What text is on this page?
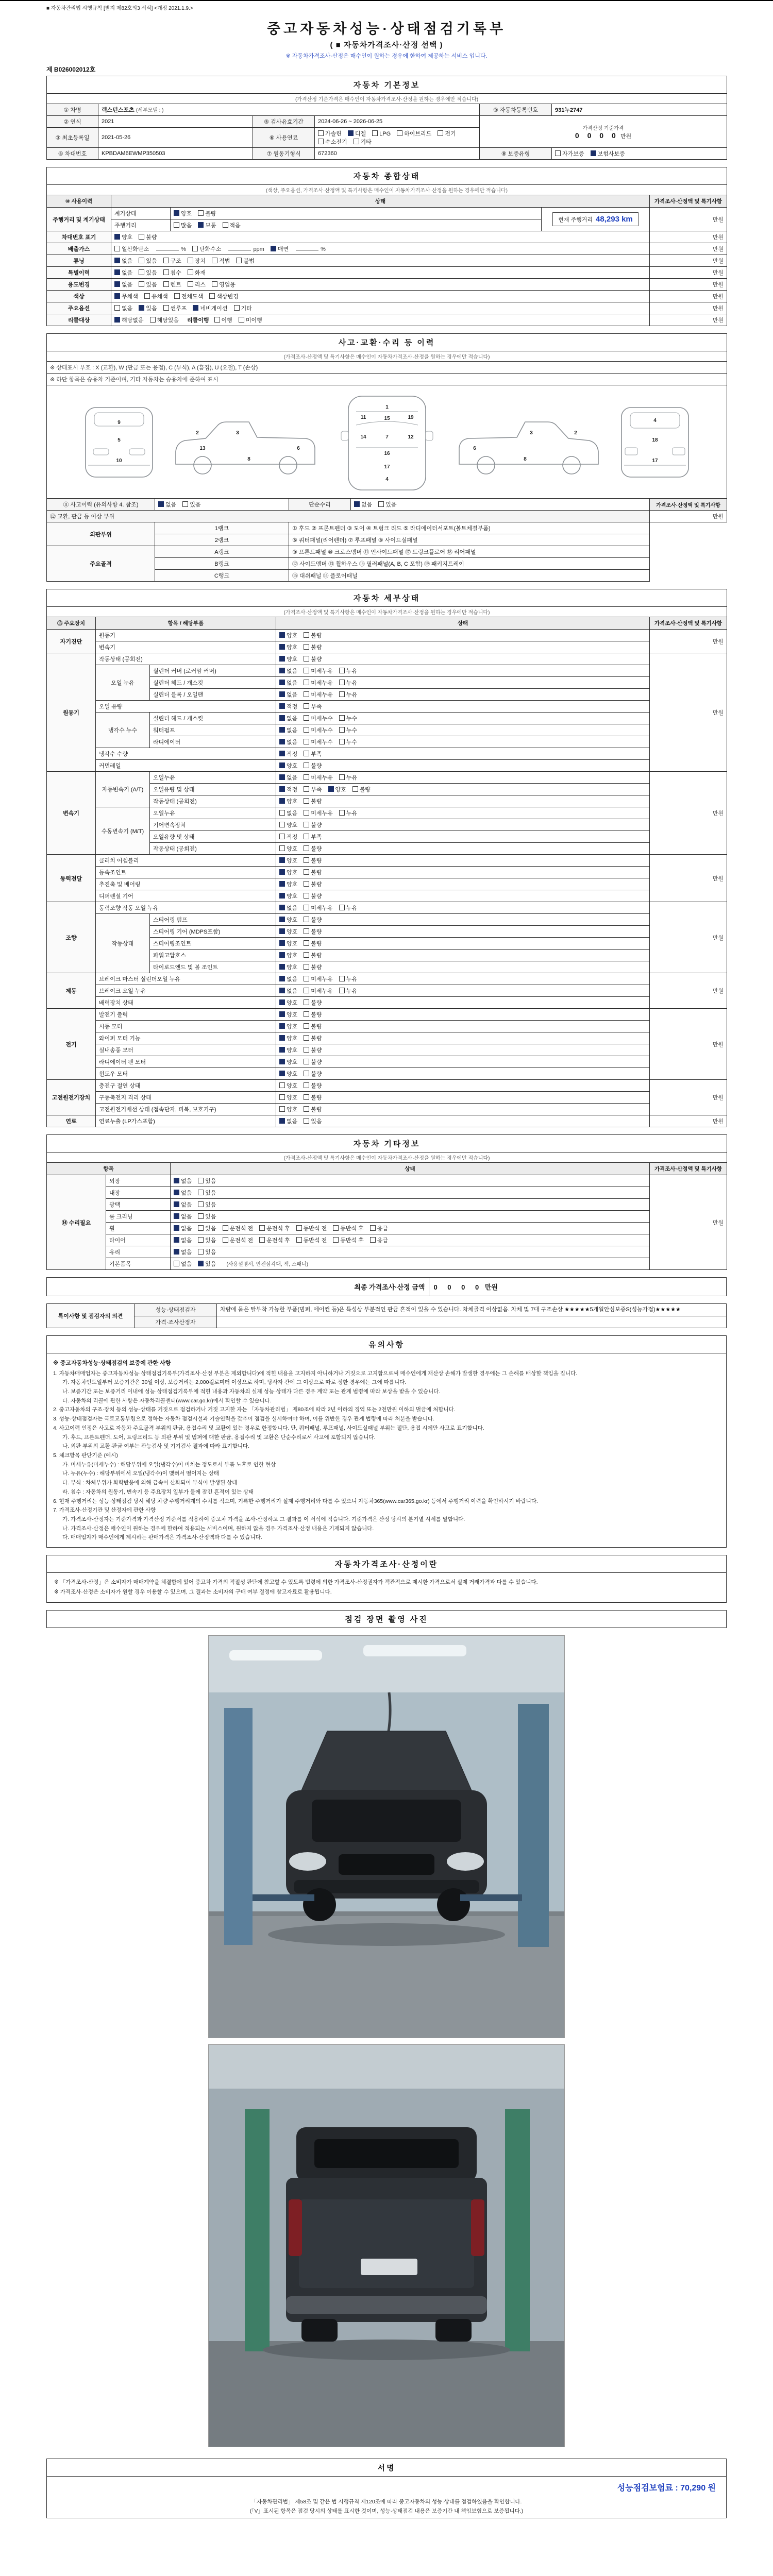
■ 자동차관리법 시행규칙 [별지 제82호의3 서식] <개정 2021.1.9.>
중고자동차성능·상태점검기록부
( ■ 자동차가격조사·산정 선택 )
※ 자동차가격조사·산정은 매수인이 원하는 경우에 한하여 제공하는 서비스 입니다.
제 B026002012호
자동차 기본정보					
(가격산정 기준가격은 매수인이 자동차가격조사·산정을 원하는 경우에만 적습니다)					
① 차명	렉스턴스포츠 (세부모델 : )			⑨ 자동차등록번호	931누2747
② 연식	2021	⑤ 검사유효기간	2024-06-26 ~ 2026-06-25	가격산정 기준가격
0 0 0 0 만원	

③ 최초등록일	2021-05-26	⑥ 사용연료	가솔린 디젤 LPG 하이브리드 전기수소전기 기타		
④ 차대번호	KPBDAM6EWMP350503	⑦ 원동기형식	672360	⑧ 보증유형	자가보증 보험사보증
자동차 종합상태				
(색상, 주요옵션, 가격조사·산정액 및 특기사항은 매수인이 자동차가격조사·산정을 원하는 경우에만 적습니다)				
⑩ 사용이력	상태			가격조사·산정액 및 특기사항
주행거리 및 계기상태	계기상태	양호 불량	현재 주행거리 48,293 km	만원
	주행거리	많음 보통 적음		
차대번호 표기	양호 불량			만원
배출가스	일산화탄소 % 탄화수소 ppm 매연 %			만원
튜닝	없음 있음 구조 장치 적법 불법			만원
특별이력	없음 있음 침수 화재			만원
용도변경	없음 있음 렌트 리스 영업용			만원
색상	무채색 유채색 전체도색 색상변경			만원
주요옵션	없음 있음 썬루프 네비게이션 기타			만원
리콜대상	해당없음 해당있음 리콜이행 이행 미이행			만원
사고·교환·수리 등 이력				
(가격조사·산정액 및 특기사항은 매수인이 자동차가격조사·산정을 원하는 경우에만 적습니다)				
※ 상태표시 부호 : X (교환), W (판금 또는 용접), C (부식), A (흠집), U (요철), T (손상)				
※ 하단 항목은 승용차 기준이며, 기타 자동차는 승용차에 준하여 표시				

9
5
10
2	3
6
8
13
1
11	15	19
14	7	12
16
17
4
3	2
6
8
4
18
17

⑪ 사고이력 (유의사항 4. 참조)	없음 있음	단순수리	없음 있음	가격조사·산정액 및 특기사항
⑫ 교환, 판금 등 이상 부위				만원
외판부위	1랭크	① 후드 ② 프론트펜더 ③ 도어 ④ 트렁크 리드 ⑤ 라디에이터서포트(볼트체결부품)		
	2랭크	⑥ 쿼터패널(리어펜더) ⑦ 루프패널 ⑧ 사이드실패널		
주요골격	A랭크	⑨ 프론트패널 ⑩ 크로스멤버 ⑪ 인사이드패널 ⑰ 트렁크플로어 ⑱ 리어패널		
	B랭크	⑫ 사이드멤버 ⑬ 휠하우스 ⑭ 필러패널(A, B, C 포함) ⑲ 패키지트레이		
	C랭크	⑮ 대쉬패널 ⑯ 플로어패널		
자동차 세부상태				
(가격조사·산정액 및 특기사항은 매수인이 자동차가격조사·산정을 원하는 경우에만 적습니다)				
⑬ 주요장치	항목 / 해당부품		상태	가격조사·산정액 및 특기사항
자기진단	원동기		양호 불량	만원
	변속기		양호 불량	
원동기	작동상태 (공회전)		양호 불량	만원
	오일 누유	실린더 커버 (로커암 커버)	없음 미세누유 누유	
		실린더 헤드 / 개스킷	없음 미세누유 누유	
		실린더 블록 / 오일팬	없음 미세누유 누유	
	오일 유량		적정 부족	
	냉각수 누수	실린더 헤드 / 개스킷	없음 미세누수 누수	
		워터펌프	없음 미세누수 누수	
		라디에이터	없음 미세누수 누수	
	냉각수 수량		적정 부족	
	커먼레일		양호 불량	
변속기	자동변속기 (A/T)	오일누유	없음 미세누유 누유	만원
		오일유량 및 상태	적정 부족 양호 불량	
		작동상태 (공회전)	양호 불량	
	수동변속기 (M/T)	오일누유	없음 미세누유 누유	
		기어변속장치	양호 불량	
		오일유량 및 상태	적정 부족	
		작동상태 (공회전)	양호 불량	
동력전달	클러치 어셈블리		양호 불량	만원
	등속조인트		양호 불량	
	추진축 및 베어링		양호 불량	
	디퍼렌셜 기어		양호 불량	
조향	동력조향 작동 오일 누유		없음 미세누유 누유	만원
	작동상태	스티어링 펌프	양호 불량	
		스티어링 기어 (MDPS포함)	양호 불량	
		스티어링조인트	양호 불량	
		파워고압호스	양호 불량	
		타이로드엔드 및 볼 조인트	양호 불량	
제동	브레이크 마스터 실린더오일 누유		없음 미세누유 누유	만원
	브레이크 오일 누유		없음 미세누유 누유	
	배력장치 상태		양호 불량	
전기	발전기 출력		양호 불량	만원
	시동 모터		양호 불량	
	와이퍼 모터 기능		양호 불량	
	실내송풍 모터		양호 불량	
	라디에이터 팬 모터		양호 불량	
	윈도우 모터		양호 불량	
고전원전기장치	충전구 절연 상태		양호 불량	만원
	구동축전지 격리 상태		양호 불량	
	고전원전기배선 상태 (접속단자, 피복, 보호기구)		양호 불량	
연료	연료누출 (LP가스포함)		없음 있음	만원
자동차 기타정보			
(가격조사·산정액 및 특기사항은 매수인이 자동차가격조사·산정을 원하는 경우에만 적습니다)			
항목		상태	가격조사·산정액 및 특기사항
⑭ 수리필요	외장	없음 있음	만원
	내장	없음 있음	
	광택	없음 있음	
	룸 크리닝	없음 있음	
	휠	없음 있음 운전석 전 운전석 후 동반석 전 동반석 후 응급	
	타이어	없음 있음 운전석 전 운전석 후 동반석 전 동반석 후 응급	
	유리	없음 있음	
	기본품목	없음 있음 (사용설명서, 안전삼각대, 잭, 스패너)	
최종 가격조사·산정 금액	0 0 0 0 만원
특이사항 및 점검자의 의견	성능·상태점검자	차량에 묻은 탈부착 가능한 부품(범퍼, 에어컨 등)은 특성상 부분적인 판금 흔적이 있을 수 있습니다. 차체골격 이상없음. 차체 및 7대 구조손상 ★★★★★5개월안심보증S(성능가점)★★★★★
	가격·조사산정자	
유의사항

※ 중고자동차성능·상태점검의 보증에 관한 사항

1. 자동차매매업자는 중고자동차성능·상태점검기록부(가격조사·산정 부분은 제외합니다)에 적힌 내용을 고지하지 아니하거나 거짓으로 고지함으로써 매수인에게 재산상 손해가 발생한 경우에는 그 손해를 배상할 책임을 집니다.

가. 자동차인도일부터 보증기간은 30일 이상, 보증거리는 2,000킬로미터 이상으로 하며, 당사자 간에 그 이상으로 따로 정한 경우에는 그에 따릅니다.

나. 보증기간 또는 보증거리 이내에 성능·상태점검기록부에 적힌 내용과 자동차의 실제 성능·상태가 다른 경우 계약 또는 관계 법령에 따라 보상을 받을 수 있습니다.

다. 자동차의 리콜에 관한 사항은 자동차리콜센터(www.car.go.kr)에서 확인할 수 있습니다.

2. 중고자동차의 구조·장치 등의 성능·상태를 거짓으로 점검하거나 거짓 고지한 자는 「자동차관리법」 제80조에 따라 2년 이하의 징역 또는 2천만원 이하의 벌금에 처합니다.

3. 성능·상태점검자는 국토교통부령으로 정하는 자동차 점검시설과 기술인력을 갖추어 점검을 실시하여야 하며, 이를 위반한 경우 관계 법령에 따라 처분을 받습니다.

4. 사고이력 인정은 사고로 자동차 주요골격 부위의 판금, 용접수리 및 교환이 있는 경우로 한정합니다. 단, 쿼터패널, 루프패널, 사이드실패널 부위는 절단, 용접 시에만 사고로 표기합니다.

가. 후드, 프론트펜더, 도어, 트렁크리드 등 외판 부위 및 범퍼에 대한 판금, 용접수리 및 교환은 단순수리로서 사고에 포함되지 않습니다.

나. 외판 부위의 교환·판금 여부는 관능검사 및 기기검사 결과에 따라 표기합니다.

5. 체크항목 판단기준 (예시)

가. 미세누유(미세누수) : 해당부위에 오일(냉각수)이 비치는 정도로서 부품 노후로 인한 현상

나. 누유(누수) : 해당부위에서 오일(냉각수)이 맺혀서 떨어지는 상태

다. 부식 : 차체부위가 화학반응에 의해 금속이 산화되어 부식이 발생된 상태

라. 침수 : 자동차의 원동기, 변속기 등 주요장치 일부가 물에 잠긴 흔적이 있는 상태

6. 현재 주행거리는 성능·상태점검 당시 해당 차량 주행거리계의 수치를 적으며, 기록한 주행거리가 실제 주행거리와 다를 수 있으니 자동차365(www.car365.go.kr) 등에서 주행거리 이력을 확인하시기 바랍니다.

7. 가격조사·산정기관 및 산정자에 관한 사항

가. 가격조사·산정자는 기준가격과 가격산정 기준서를 적용하여 중고차 가격을 조사·산정하고 그 결과를 이 서식에 적습니다. 기준가격은 산정 당시의 분기별 시세를 말합니다.

나. 가격조사·산정은 매수인이 원하는 경우에 한하여 적용되는 서비스이며, 원하지 않을 경우 가격조사·산정 내용은 기재되지 않습니다.

다. 매매업자가 매수인에게 제시하는 판매가격은 가격조사·산정액과 다를 수 있습니다.

자동차가격조사·산정이란

※ 「가격조사·산정」은 소비자가 매매계약을 체결함에 있어 중고차 가격의 적절성 판단에 참고할 수 있도록 법령에 의한 가격조사·산정권자가 객관적으로 제시한 가격으로서 실제 거래가격과 다를 수 있습니다.

※ 가격조사·산정은 소비자가 원할 경우 이용할 수 있으며, 그 결과는 소비자의 구매 여부 결정에 참고자료로 활용됩니다.

점검 장면 촬영 사진

서명

성능점검보험료 : 70,290 원
「자동차관리법」 제58조 및 같은 법 시행규칙 제120조에 따라 중고자동차의 성능·상태를 점검하였음을 확인합니다.
(「V」표시된 항목은 점검 당시의 상태를 표시한 것이며, 성능·상태점검 내용은 보증기간 내 책임보험으로 보증됩니다.)
